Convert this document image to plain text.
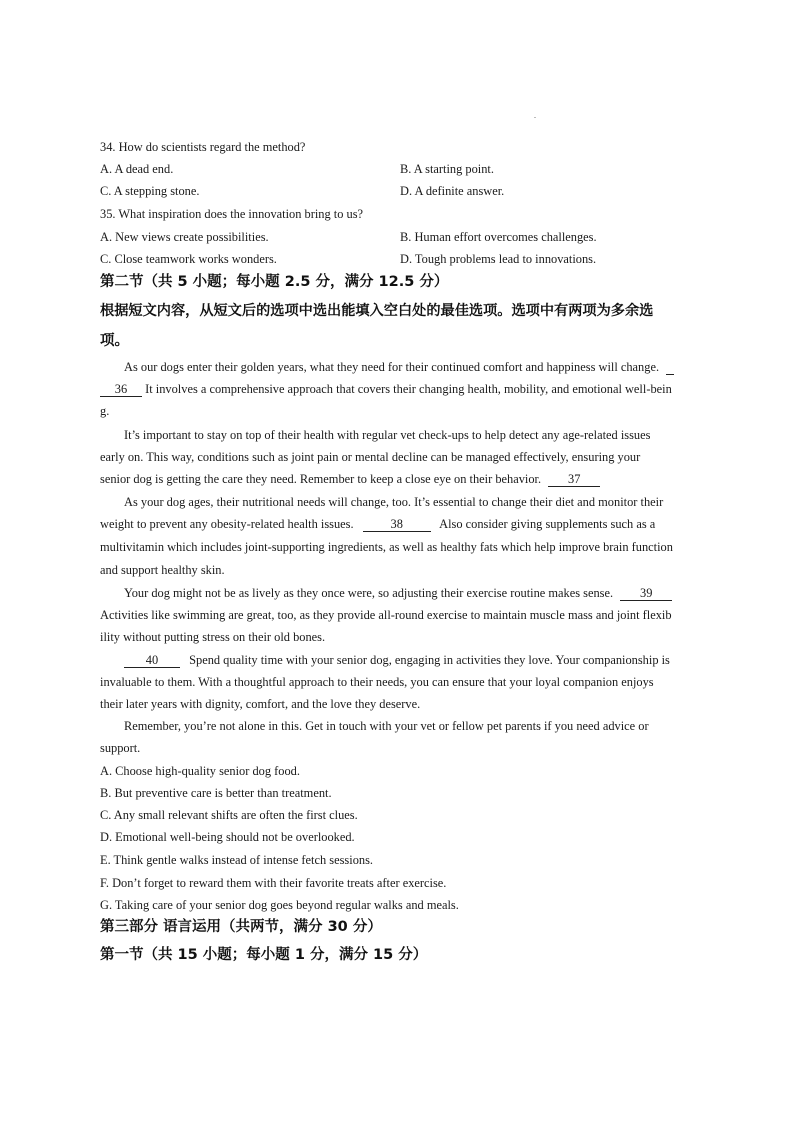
34. How do scientists regard the method?
A. A dead end.	B. A starting point.
C. A stepping stone.	D. A definite answer.
35. What inspiration does the innovation bring to us?
A. New views create possibilities.	B. Human effort overcomes challenges.
C. Close teamwork works wonders.	D. Tough problems lead to innovations.
第二节（共 5 小题；每小题 2.5 分，满分 12.5 分）
根据短文内容，从短文后的选项中选出能填入空白处的最佳选项。选项中有两项为多余选
项。
As our dogs enter their golden years, what they need for their continued comfort and happiness will change.
36 It involves a comprehensive approach that covers their changing health, mobility, and emotional well-bein
g.
It’s important to stay on top of their health with regular vet check-ups to help detect any age-related issues
early on. This way, conditions such as joint pain or mental decline can be managed effectively, ensuring your
senior dog is getting the care they need. Remember to keep a close eye on their behavior. 37
As your dog ages, their nutritional needs will change, too. It’s essential to change their diet and monitor their
weight to prevent any obesity-related health issues.	38	Also consider giving supplements such as a
multivitamin which includes joint-supporting ingredients, as well as healthy fats which help improve brain function
and support healthy skin.
Your dog might not be as lively as they once were, so adjusting their exercise routine makes sense. 39
Activities like swimming are great, too, as they provide all-round exercise to maintain muscle mass and joint flexib
ility without putting stress on their old bones.
40 Spend quality time with your senior dog, engaging in activities they love. Your companionship is
invaluable to them. With a thoughtful approach to their needs, you can ensure that your loyal companion enjoys
their later years with dignity, comfort, and the love they deserve.
Remember, you’re not alone in this. Get in touch with your vet or fellow pet parents if you need advice or
support.
A. Choose high-quality senior dog food.
B. But preventive care is better than treatment.
C. Any small relevant shifts are often the first clues.
D. Emotional well-being should not be overlooked.
E. Think gentle walks instead of intense fetch sessions.
F. Don’t forget to reward them with their favorite treats after exercise.
G. Taking care of your senior dog goes beyond regular walks and meals.
第三部分 语言运用（共两节，满分 30 分）
第一节（共 15 小题；每小题 1 分，满分 15 分）
